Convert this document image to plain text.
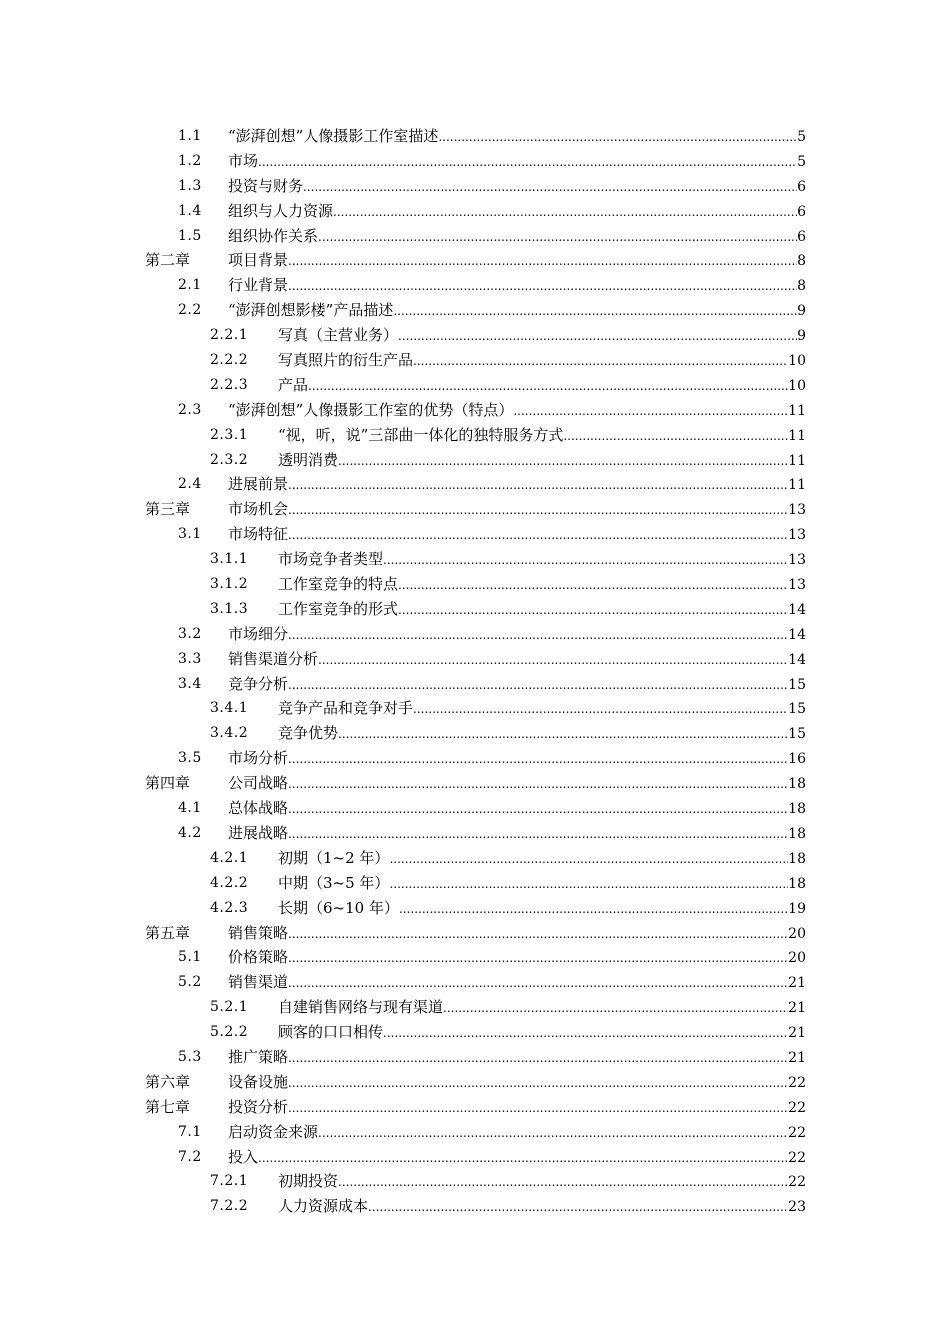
1.1 “澎湃创想”人像摄影工作室描述 .....	5
1.2 市场 .....	5
1.3 投资与财务 .....	6
1.4 组织与人力资源 .....	6
1.5 组织协作关系 .....	6
第二章	项目背景 .....	8
2.1 行业背景 .....	8
2.2 “澎湃创想影楼”产品描述 .....	9
2.2.1 写真（主营业务） .....	9
2.2.2 写真照片的衍生产品 .....	10
2.2.3 产品 .....	10
2.3 “澎湃创想”人像摄影工作室的优势（特点） .....	11
2.3.1 “视，听，说”三部曲一体化的独特服务方式 .....	11
2.3.2 透明消费 .....	11
2.4 进展前景 .....	11
第三章	市场机会 .....	13
3.1 市场特征 .....	13
3.1.1 市场竞争者类型 .....	13
3.1.2 工作室竞争的特点 .....	13
3.1.3 工作室竞争的形式 .....	14
3.2 市场细分 .....	14
3.3 销售渠道分析 .....	14
3.4 竞争分析 .....	15
3.4.1 竞争产品和竞争对手 .....	15
3.4.2 竞争优势 .....	15
3.5 市场分析 .....	16
第四章	公司战略 .....	18
4.1 总体战略 .....	18
4.2 进展战略 .....	18
4.2.1 初期（1~2 年） .....	18
4.2.2 中期（3~5 年） .....	18
4.2.3 长期（6~10 年） .....	19
第五章	销售策略 .....	20
5.1 价格策略 .....	20
5.2 销售渠道 .....	21
5.2.1 自建销售网络与现有渠道 .....	21
5.2.2 顾客的口口相传 .....	21
5.3 推广策略 .....	21
第六章	设备设施 .....	22
第七章	投资分析 .....	22
7.1 启动资金来源 .....	22
7.2 投入 .....	22
7.2.1 初期投资 .....	22
7.2.2 人力资源成本 .....	23
